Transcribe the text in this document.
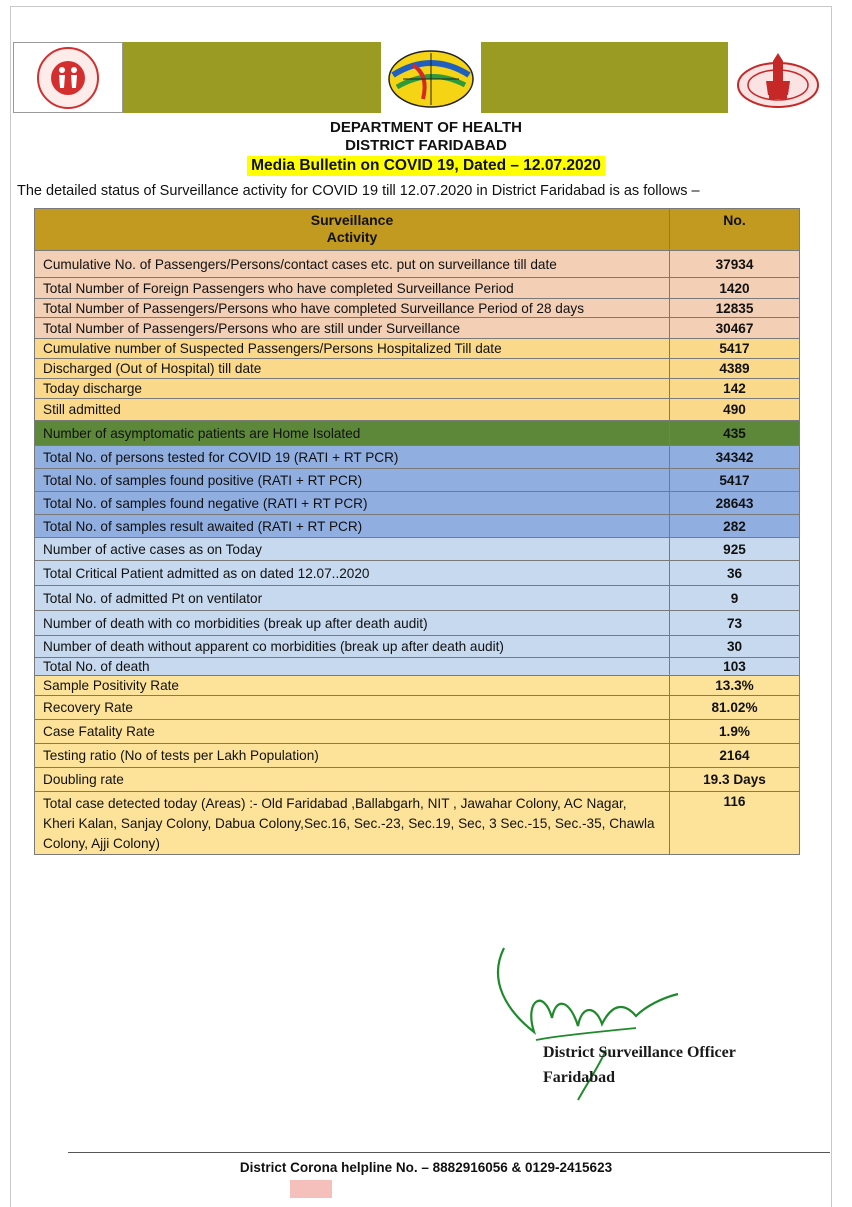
DEPARTMENT OF HEALTH
DISTRICT FARIDABAD
Media Bulletin on COVID 19, Dated – 12.07.2020
The detailed status of Surveillance activity for COVID 19 till 12.07.2020 in District Faridabad is as follows –
Surveillance
Activity	No.
Cumulative No. of Passengers/Persons/contact cases etc. put on surveillance till date	37934
Total Number of Foreign Passengers who have completed Surveillance Period	1420
Total Number of Passengers/Persons who have completed Surveillance Period of 28 days	12835
Total Number of Passengers/Persons who are still under Surveillance	30467
Cumulative number of Suspected Passengers/Persons Hospitalized Till date	5417
Discharged (Out of Hospital) till date	4389
Today discharge	142
Still admitted	490
Number of asymptomatic patients are Home Isolated	435
Total No. of persons tested for COVID 19 (RATI + RT PCR)	34342
Total No. of samples found positive (RATI + RT PCR)	5417
Total No. of samples found negative (RATI + RT PCR)	28643
Total No. of samples result awaited (RATI + RT PCR)	282
Number of active cases as on Today	925
Total Critical Patient admitted as on dated 12.07..2020	36
Total No. of admitted Pt on ventilator	9
Number of death with co morbidities (break up after death audit)	73
Number of death without apparent co morbidities (break up after death audit)	30
Total No. of death	103
Sample Positivity Rate	13.3%
Recovery Rate	81.02%
Case Fatality Rate	1.9%
Testing ratio (No of tests per Lakh Population)	2164
Doubling rate	19.3 Days
Total case detected today (Areas) :- Old Faridabad ,Ballabgarh, NIT , Jawahar Colony, AC Nagar, Kheri Kalan, Sanjay Colony, Dabua Colony,Sec.16, Sec.-23, Sec.19, Sec, 3 Sec.-15, Sec.-35, Chawla Colony, Ajji Colony)	116
District Surveillance Officer
Faridabad
District Corona helpline No. – 8882916056 & 0129-2415623
